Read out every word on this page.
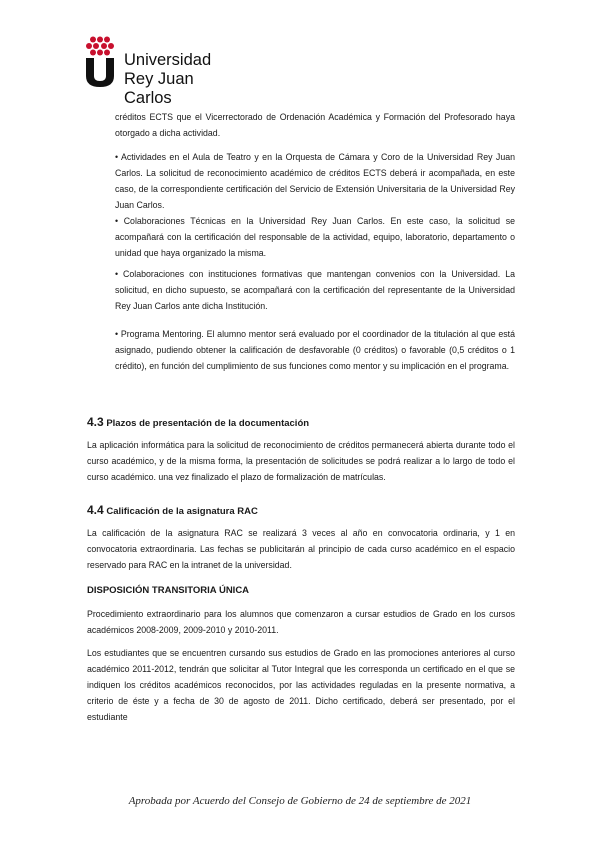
Universidad
Rey Juan Carlos

créditos ECTS que el Vicerrectorado de Ordenación Académica y Formación del Profesorado haya otorgado a dicha actividad.

• Actividades en el Aula de Teatro y en la Orquesta de Cámara y Coro de la Universidad Rey Juan Carlos. La solicitud de reconocimiento académico de créditos ECTS deberá ir acompañada, en este caso, de la correspondiente certificación del Servicio de Extensión Universitaria de la Universidad Rey Juan Carlos.

• Colaboraciones Técnicas en la Universidad Rey Juan Carlos. En este caso, la solicitud se acompañará con la certificación del responsable de la actividad, equipo, laboratorio, departamento o unidad que haya organizado la misma.

• Colaboraciones con instituciones formativas que mantengan convenios con la Universidad. La solicitud, en dicho supuesto, se acompañará con la certificación del representante de la Universidad Rey Juan Carlos ante dicha Institución.

• Programa Mentoring. El alumno mentor será evaluado por el coordinador de la titulación al que está asignado, pudiendo obtener la calificación de desfavorable (0 créditos) o favorable (0,5 créditos o 1 crédito), en función del cumplimiento de sus funciones como mentor y su implicación en el programa.

4.3 Plazos de presentación de la documentación

La aplicación informática para la solicitud de reconocimiento de créditos permanecerá abierta durante todo el curso académico, y de la misma forma, la presentación de solicitudes se podrá realizar a lo largo de todo el curso académico. una vez finalizado el plazo de formalización de matrículas.

4.4 Calificación de la asignatura RAC

La calificación de la asignatura RAC se realizará 3 veces al año en convocatoria ordinaria, y 1 en convocatoria extraordinaria. Las fechas se publicitarán al principio de cada curso académico en el espacio reservado para RAC en la intranet de la universidad.

DISPOSICIÓN TRANSITORIA ÚNICA

Procedimiento extraordinario para los alumnos que comenzaron a cursar estudios de Grado en los cursos académicos 2008-2009, 2009-2010 y 2010-2011.

Los estudiantes que se encuentren cursando sus estudios de Grado en las promociones anteriores al curso académico 2011-2012, tendrán que solicitar al Tutor Integral que les corresponda un certificado en el que se indiquen los créditos académicos reconocidos, por las actividades reguladas en la presente normativa, a criterio de éste y a fecha de 30 de agosto de 2011. Dicho certificado, deberá ser presentado, por el estudiante

Aprobada por Acuerdo del Consejo de Gobierno de 24 de septiembre de 2021
